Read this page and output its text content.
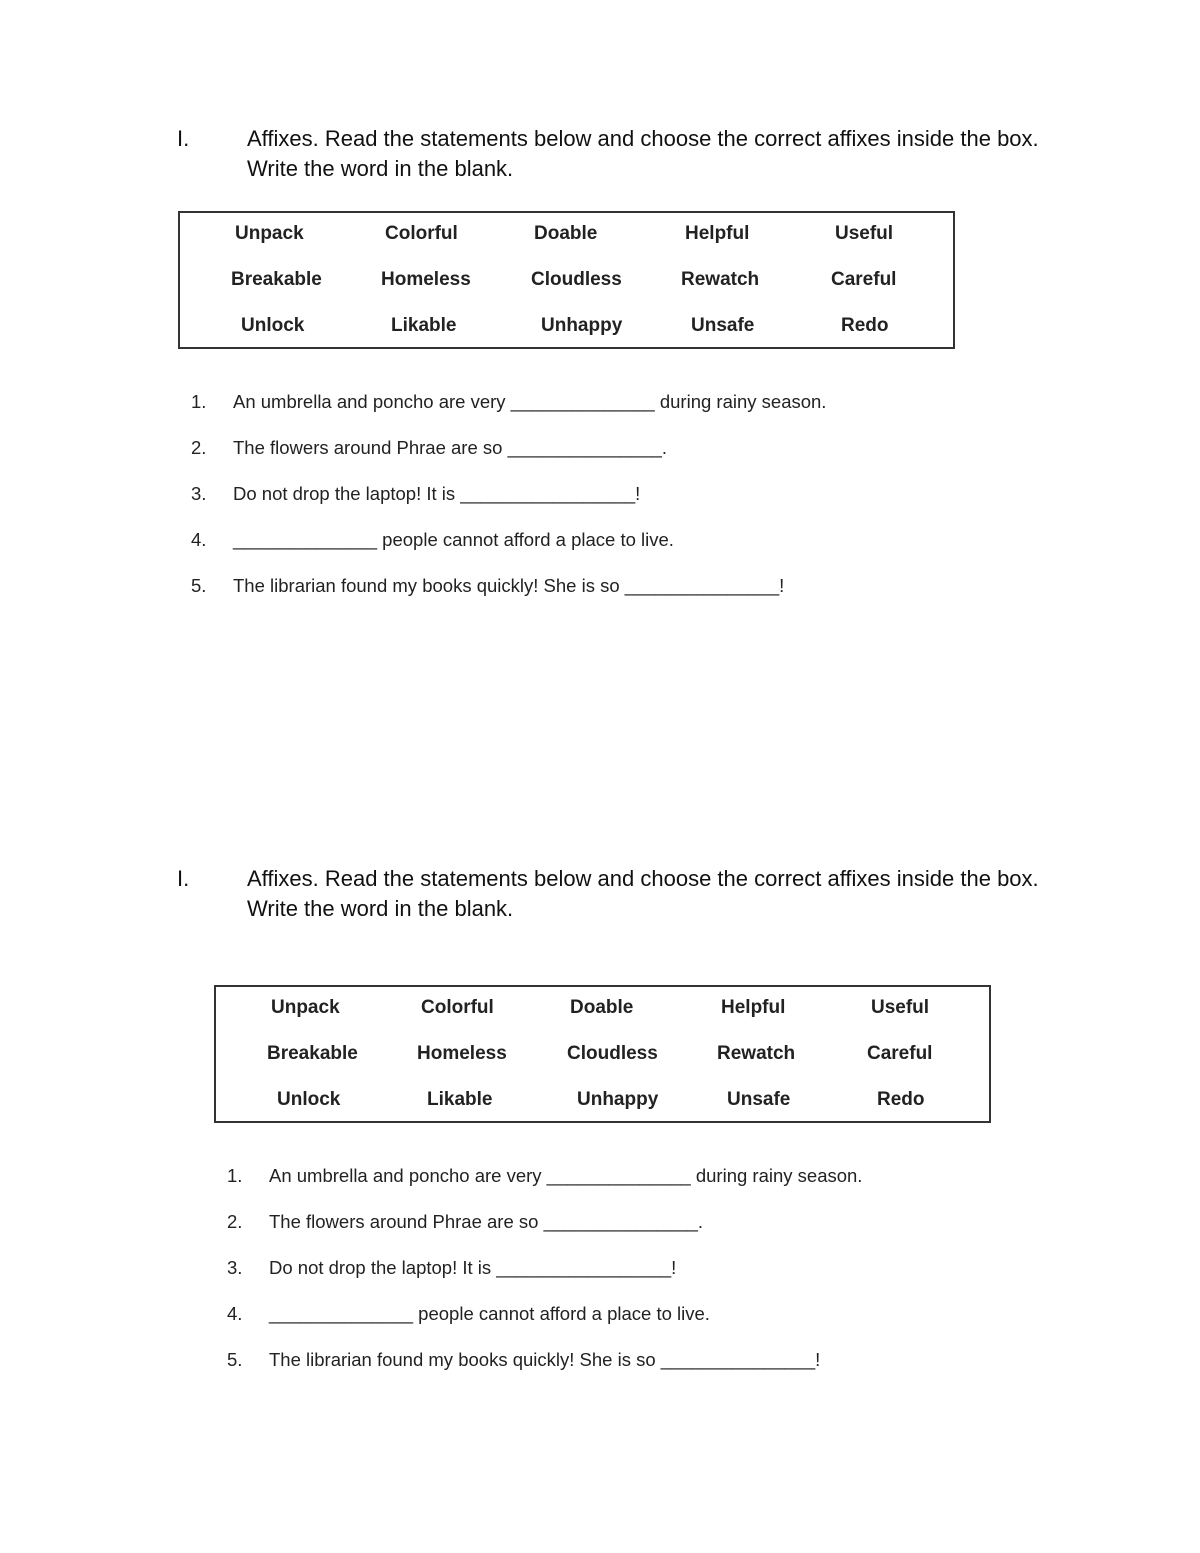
I.	Affixes. Read the statements below and choose the correct affixes inside the box.
Write the word in the blank.
Unpack	Colorful	Doable	Helpful	Useful
Breakable	Homeless	Cloudless	Rewatch	Careful
Unlock	Likable	Unhappy	Unsafe	Redo
1. An umbrella and poncho are very ______________ during rainy season.
2. The flowers around Phrae are so _______________.
3. Do not drop the laptop! It is _________________!
4. ______________ people cannot afford a place to live.
5. The librarian found my books quickly! She is so _______________!
I.	Affixes. Read the statements below and choose the correct affixes inside the box.
Write the word in the blank.
Unpack	Colorful	Doable	Helpful	Useful
Breakable	Homeless	Cloudless	Rewatch	Careful
Unlock	Likable	Unhappy	Unsafe	Redo
1. An umbrella and poncho are very ______________ during rainy season.
2. The flowers around Phrae are so _______________.
3. Do not drop the laptop! It is _________________!
4. ______________ people cannot afford a place to live.
5. The librarian found my books quickly! She is so _______________!
